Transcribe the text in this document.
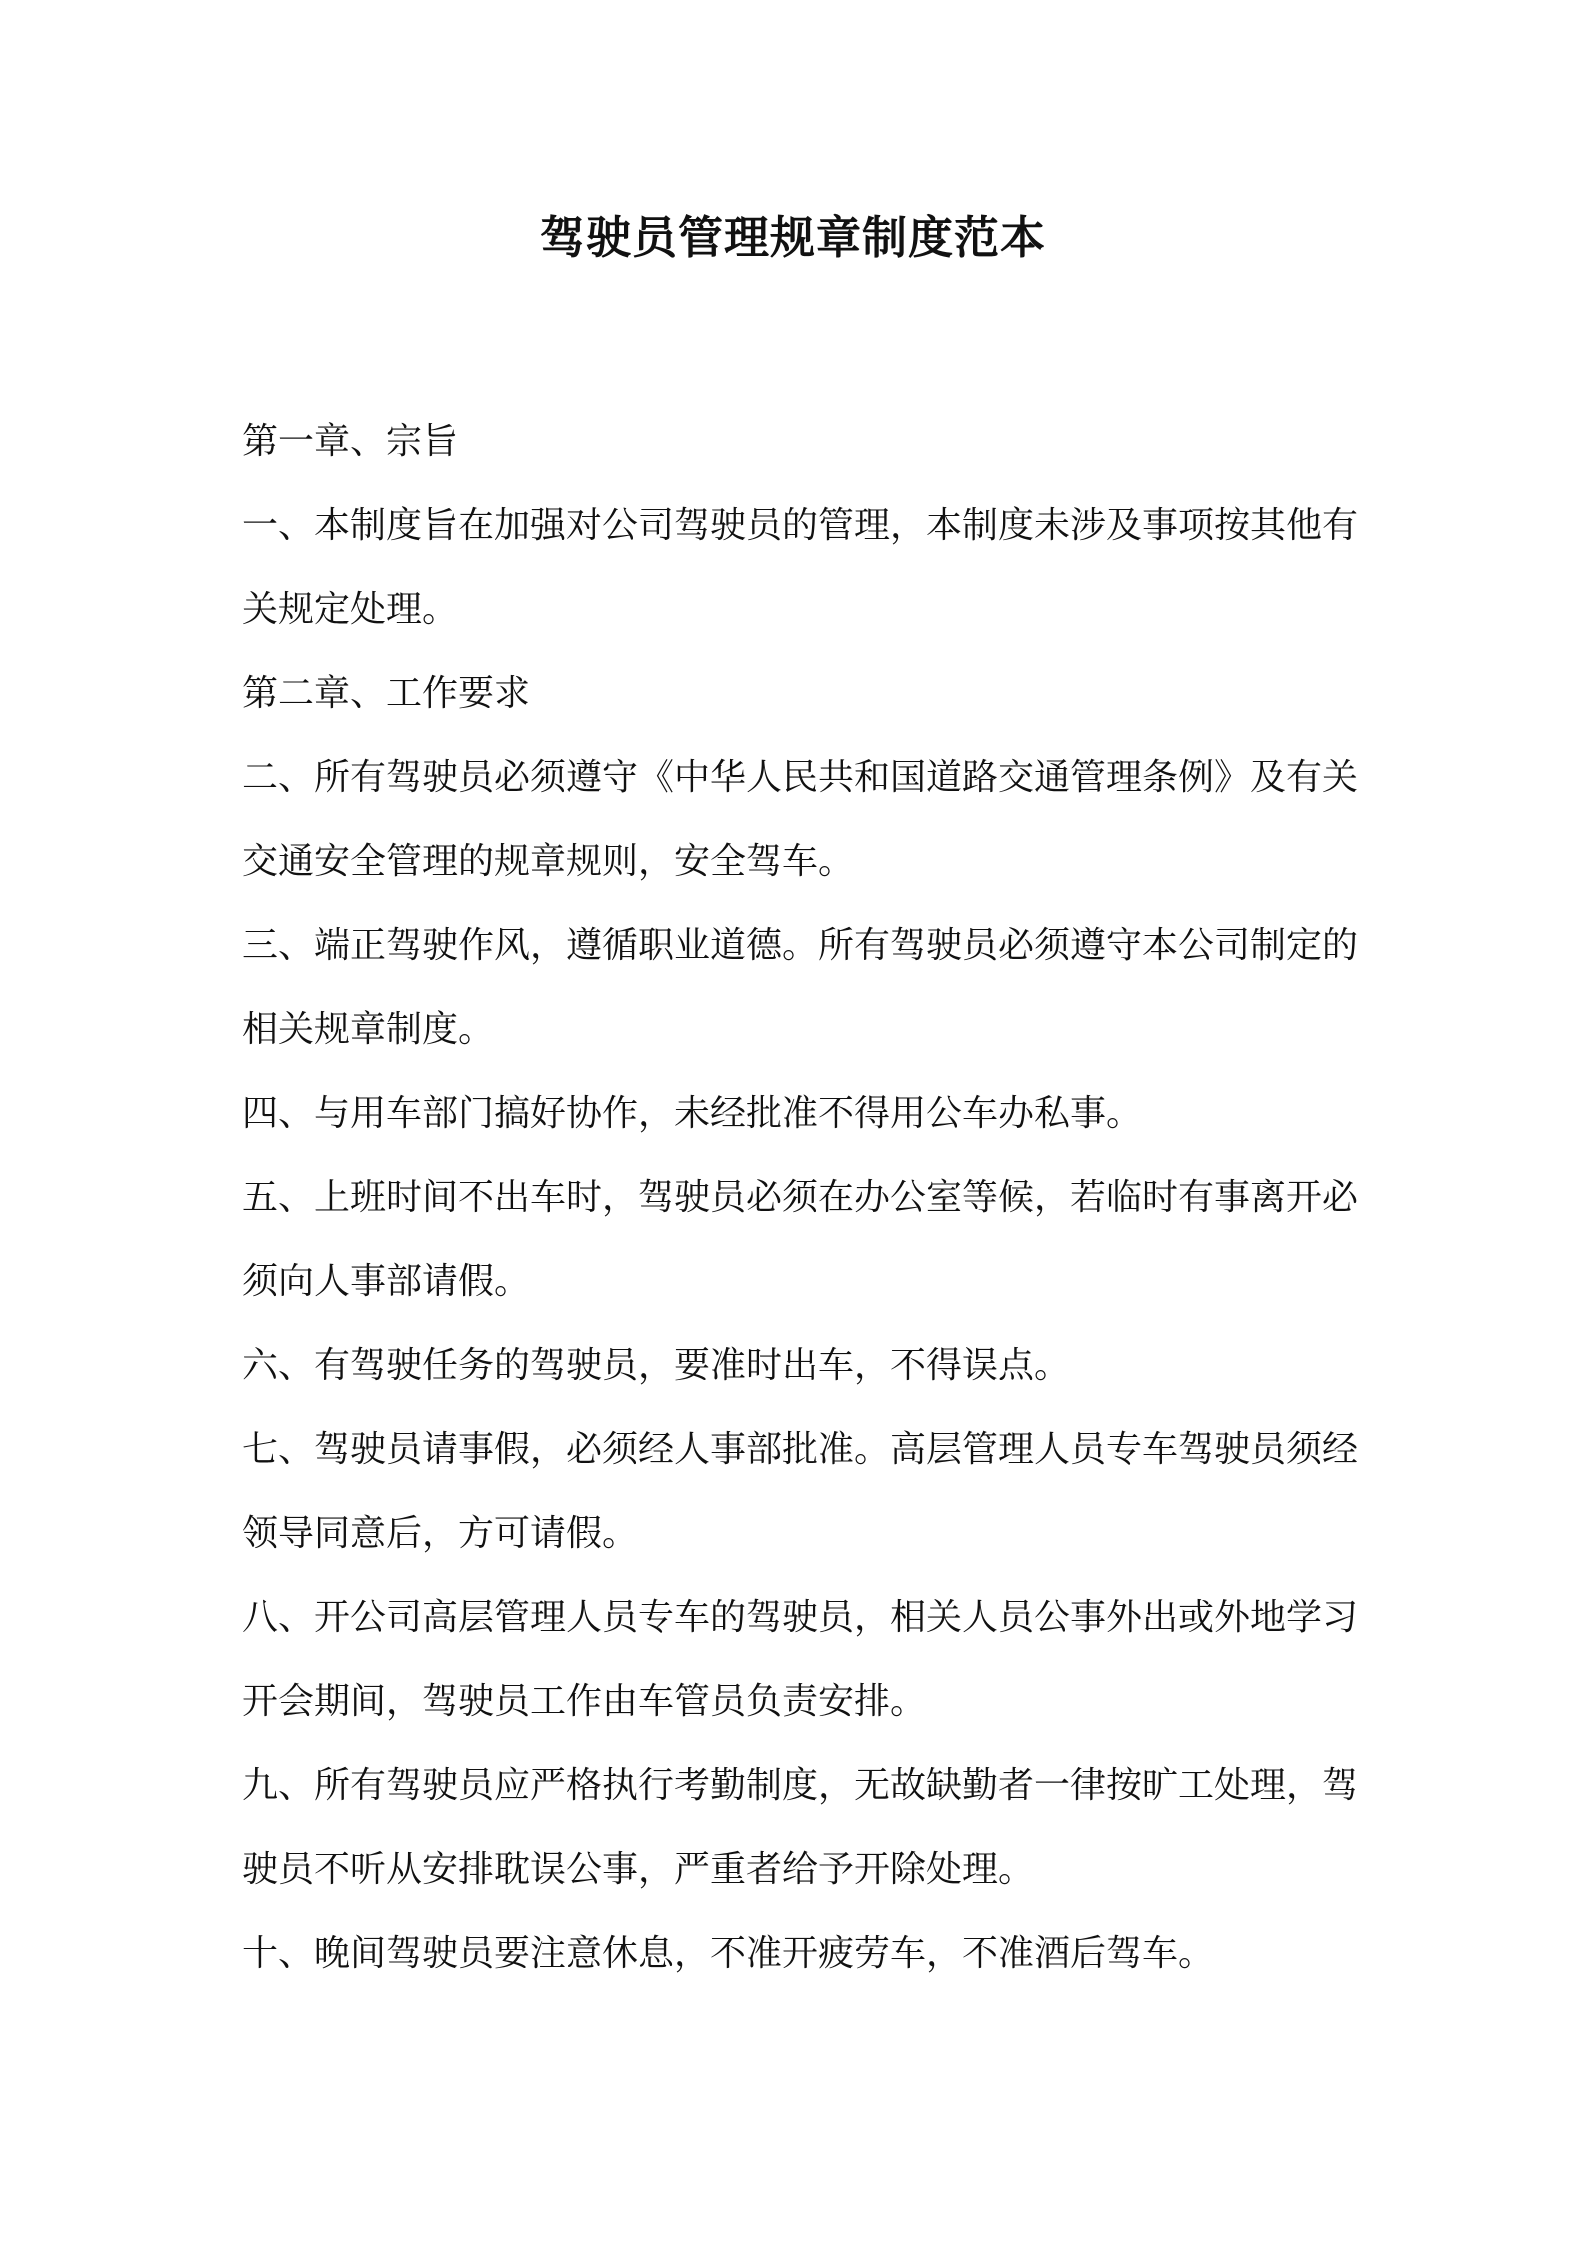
驾驶员管理规章制度范本

第一章、宗旨

一、本制度旨在加强对公司驾驶员的管理，本制度未涉及事项按其他有关规定处理。

第二章、工作要求

二、所有驾驶员必须遵守《中华人民共和国道路交通管理条例》及有关交通安全管理的规章规则，安全驾车。

三、端正驾驶作风，遵循职业道德。所有驾驶员必须遵守本公司制定的相关规章制度。

四、与用车部门搞好协作，未经批准不得用公车办私事。

五、上班时间不出车时，驾驶员必须在办公室等候，若临时有事离开必须向人事部请假。

六、有驾驶任务的驾驶员，要准时出车，不得误点。

七、驾驶员请事假，必须经人事部批准。高层管理人员专车驾驶员须经领导同意后，方可请假。

八、开公司高层管理人员专车的驾驶员，相关人员公事外出或外地学习开会期间，驾驶员工作由车管员负责安排。

九、所有驾驶员应严格执行考勤制度，无故缺勤者一律按旷工处理，驾驶员不听从安排耽误公事，严重者给予开除处理。

十、晚间驾驶员要注意休息，不准开疲劳车，不准酒后驾车。
